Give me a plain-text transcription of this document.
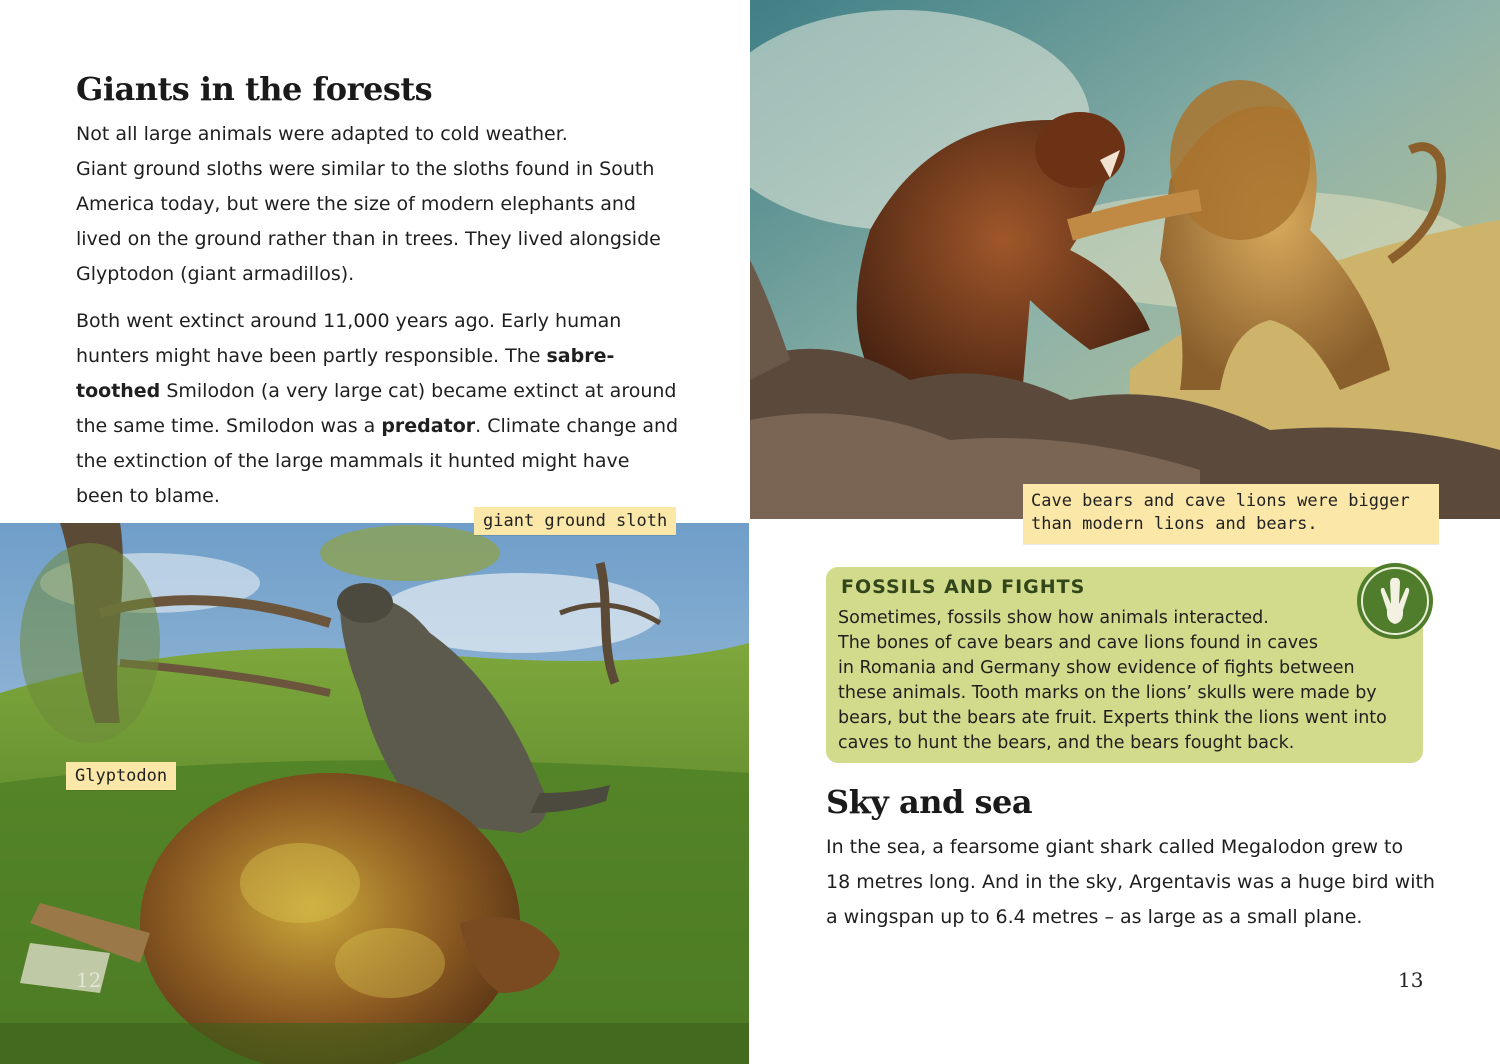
Giants in the forests
Not all large animals were adapted to cold weather.
Giant ground sloths were similar to the sloths found in South
America today, but were the size of modern elephants and
lived on the ground rather than in trees. They lived alongside
Glyptodon (giant armadillos).
Both went extinct around 11,000 years ago. Early human
hunters might have been partly responsible. The sabre-
toothed Smilodon (a very large cat) became extinct at around
the same time. Smilodon was a predator. Climate change and
the extinction of the large mammals it hunted might have
been to blame.
giant ground sloth
Glyptodon
Cave bears and cave lions were bigger
than modern lions and bears.
FOSSILS AND FIGHTS
Sometimes, fossils show how animals interacted.
The bones of cave bears and cave lions found in caves
in Romania and Germany show evidence of fights between
these animals. Tooth marks on the lions’ skulls were made by
bears, but the bears ate fruit. Experts think the lions went into
caves to hunt the bears, and the bears fought back.
Sky and sea
In the sea, a fearsome giant shark called Megalodon grew to
18 metres long. And in the sky, Argentavis was a huge bird with
a wingspan up to 6.4 metres – as large as a small plane.
12	13
